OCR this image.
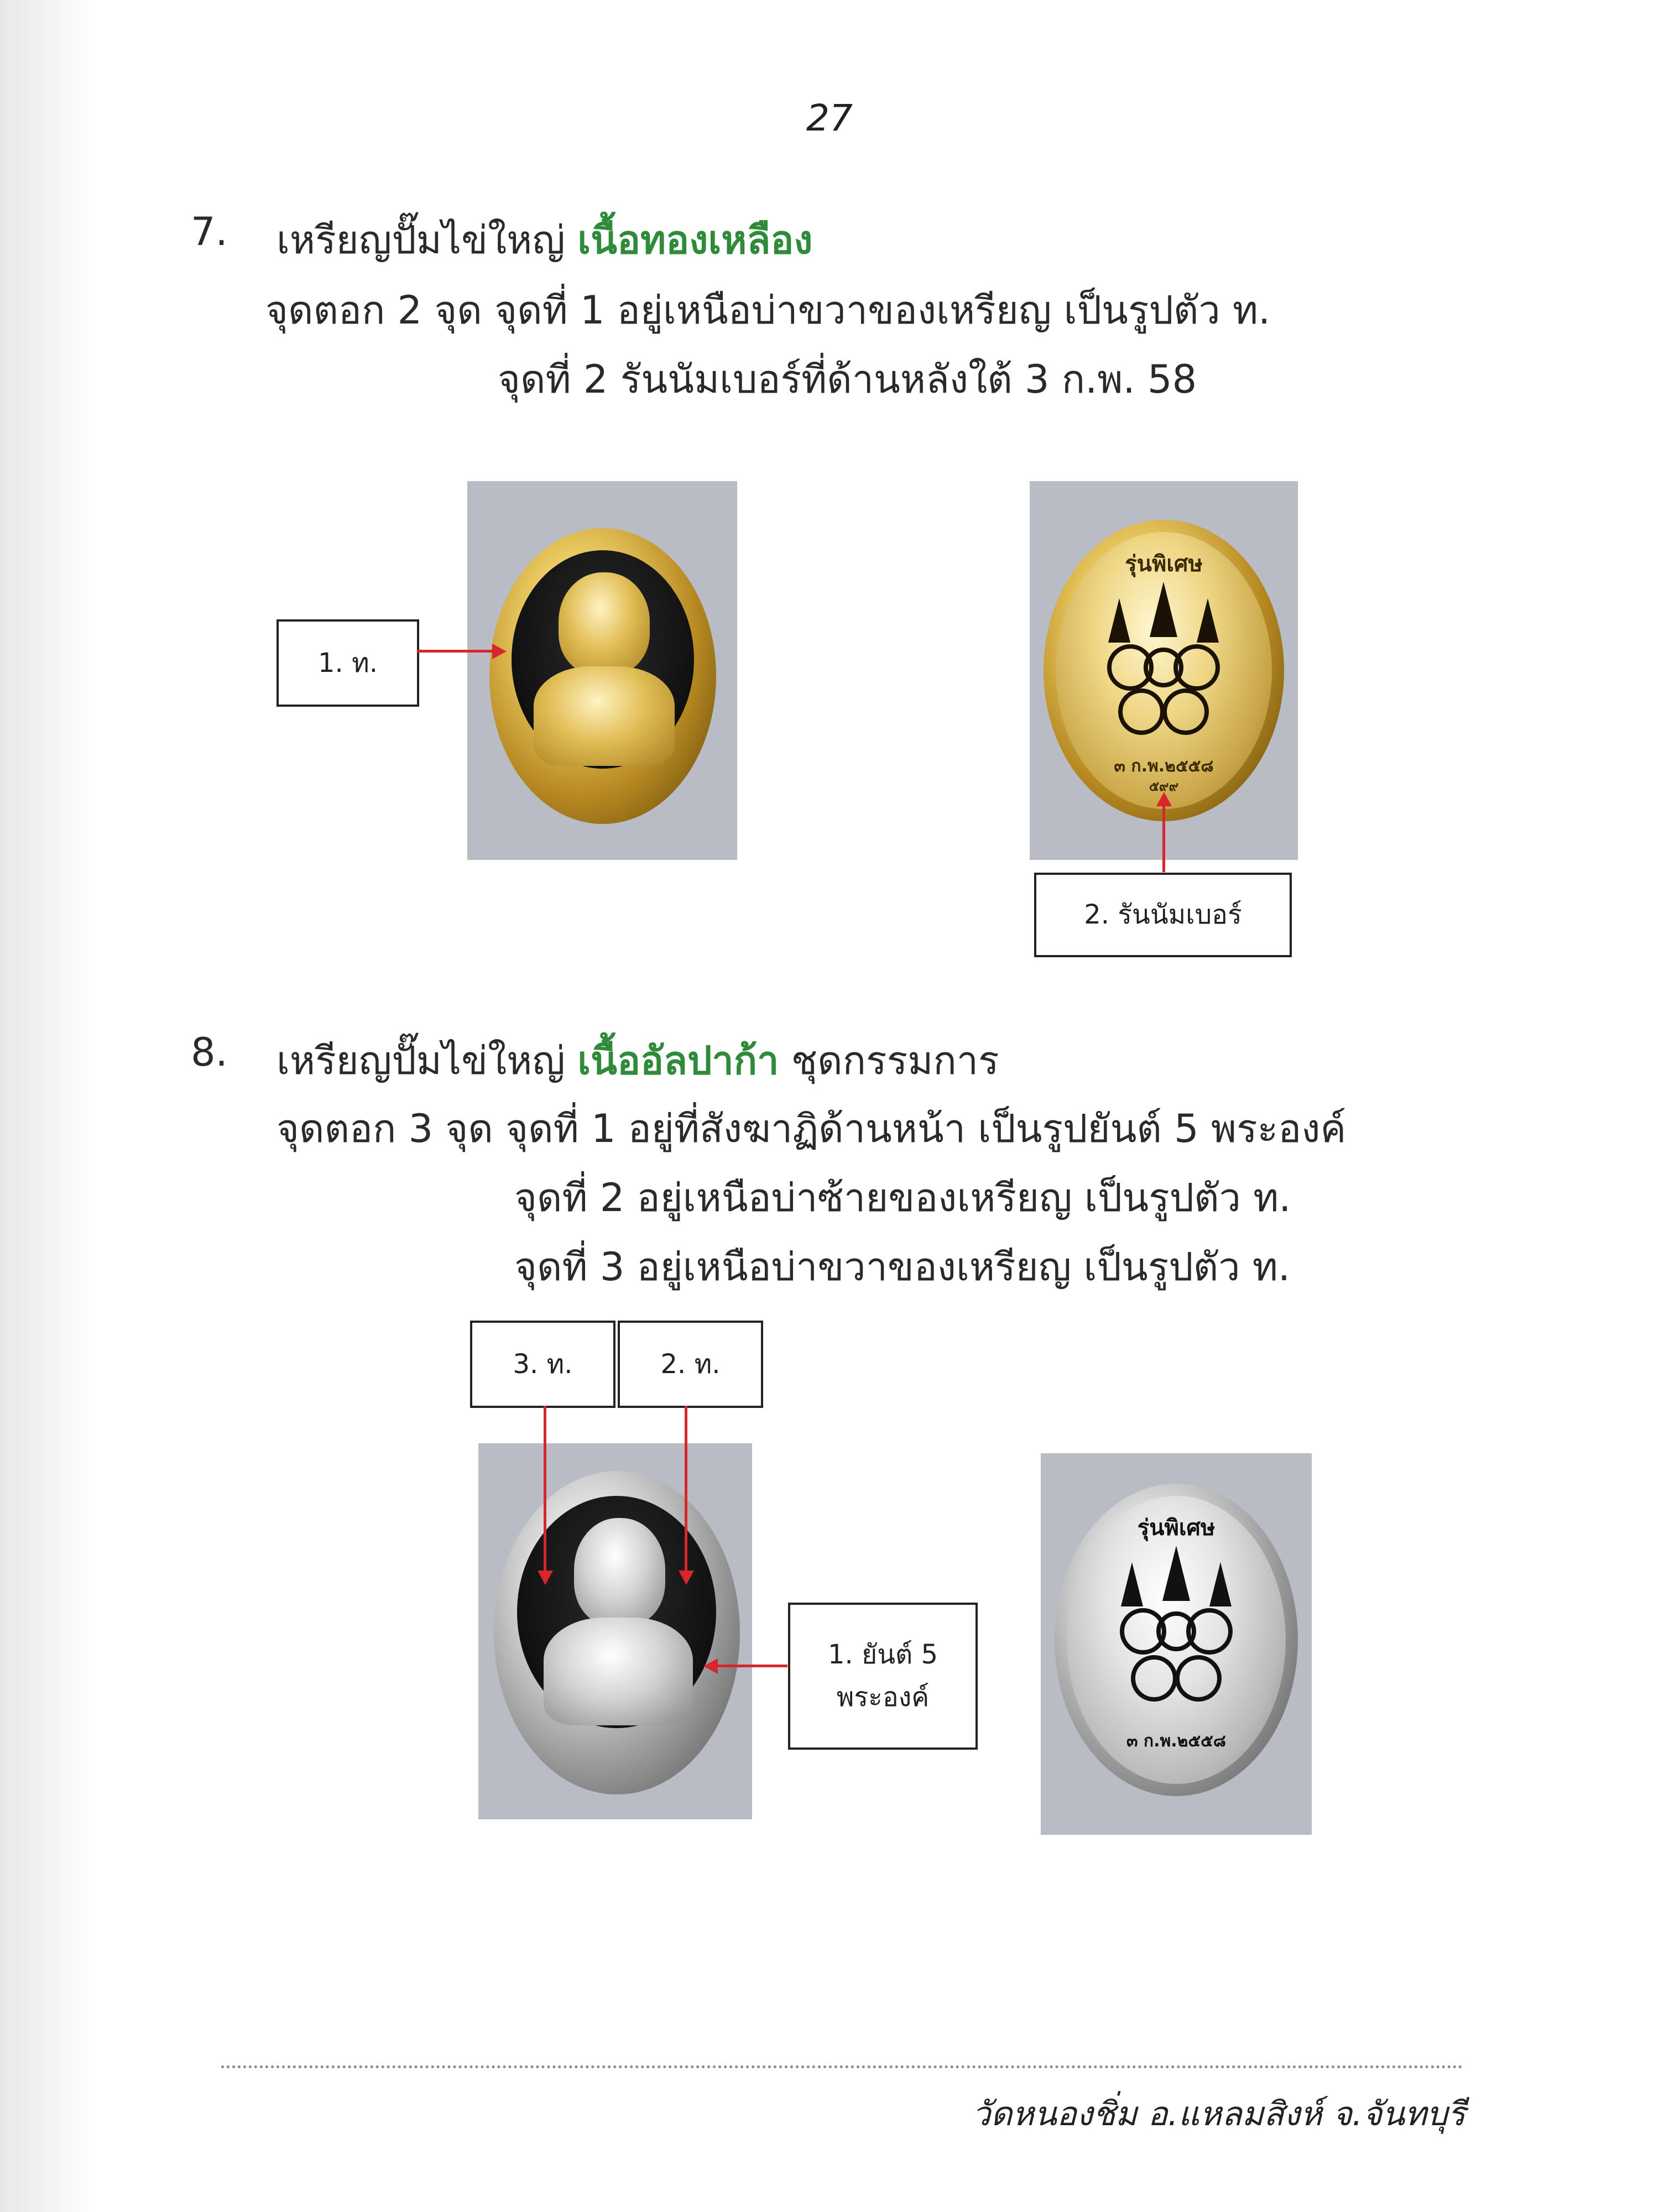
27
7. เหรียญปั๊มไข่ใหญ่ เนื้อทองเหลือง
จุดตอก 2 จุด จุดที่ 1 อยู่เหนือบ่าขวาของเหรียญ เป็นรูปตัว ท.
จุดที่ 2 รันนัมเบอร์ที่ด้านหลังใต้ 3 ก.พ. 58
1. ท.
รุ่นพิเศษ
๓ ก.พ.๒๕๕๘
๕๙๙
2. รันนัมเบอร์
8. เหรียญปั๊มไข่ใหญ่ เนื้ออัลปาก้า ชุดกรรมการ
จุดตอก 3 จุด จุดที่ 1 อยู่ที่สังฆาฏิด้านหน้า เป็นรูปยันต์ 5 พระองค์
จุดที่ 2 อยู่เหนือบ่าซ้ายของเหรียญ เป็นรูปตัว ท.
จุดที่ 3 อยู่เหนือบ่าขวาของเหรียญ เป็นรูปตัว ท.
3. ท.	2. ท.
1. ยันต์ 5
พระองค์
รุ่นพิเศษ
๓ ก.พ.๒๕๕๘
วัดหนองชิ่ม อ.แหลมสิงห์ จ.จันทบุรี
